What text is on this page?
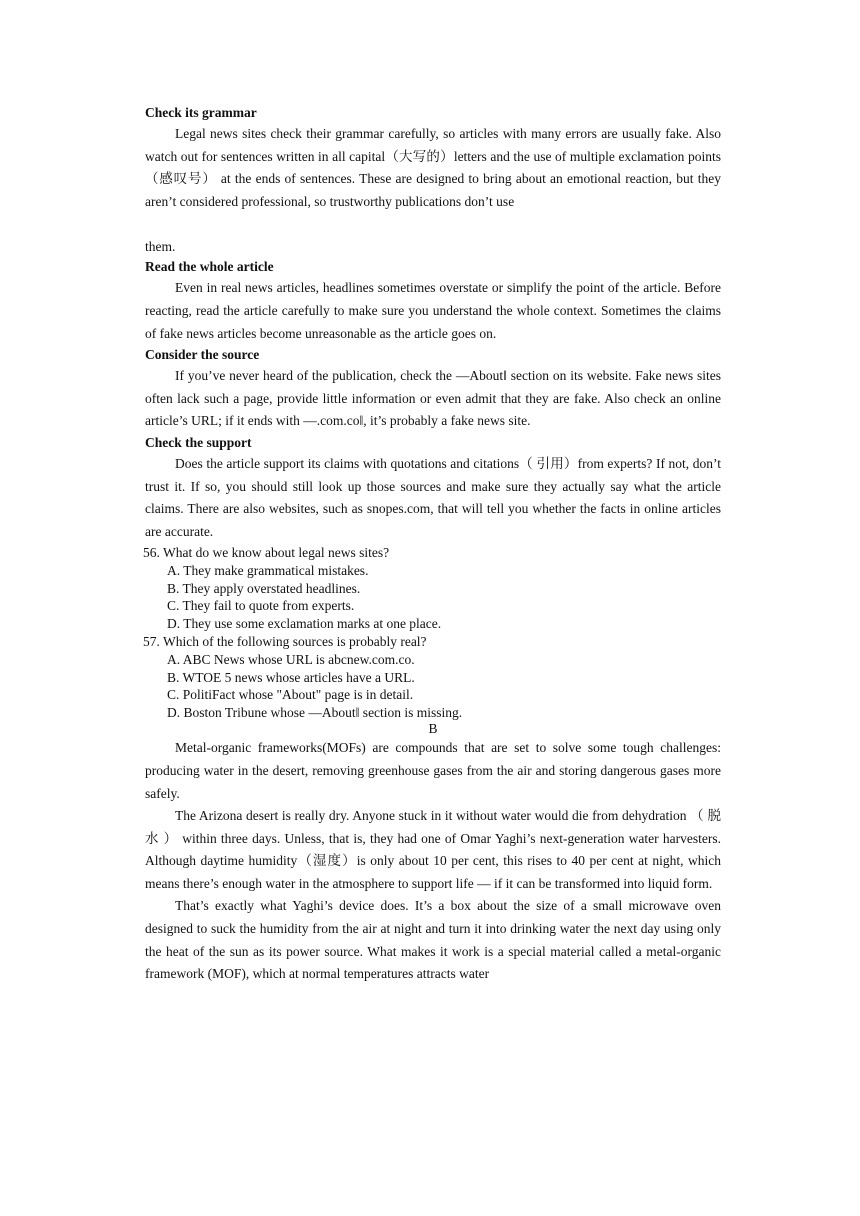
Check its grammar

Legal news sites check their grammar carefully, so articles with many errors are usually fake. Also watch out for sentences written in all capital（大写的）letters and the use of multiple exclamation points（感叹号） at the ends of sentences. These are designed to bring about an emotional reaction, but they aren’t considered professional, so trustworthy publications don’t use

them.

Read the whole article

Even in real news articles, headlines sometimes overstate or simplify the point of the article. Before reacting, read the article carefully to make sure you understand the whole context. Sometimes the claims of fake news articles become unreasonable as the article goes on.

Consider the source

If you’ve never heard of the publication, check the ―About‖ section on its website. Fake news sites often lack such a page, provide little information or even admit that they are fake. Also check an online article’s URL; if it ends with ―.com.co‖, it’s probably a fake news site.

Check the support

Does the article support its claims with quotations and citations（ 引用）from experts? If not, don’t trust it. If so, you should still look up those sources and make sure they actually say what the article claims. There are also websites, such as snopes.com, that will tell you whether the facts in online articles are accurate.

56. What do we know about legal news sites?

A. They make grammatical mistakes.
B. They apply overstated headlines.
C. They fail to quote from experts.
D. They use some exclamation marks at one place.

57. Which of the following sources is probably real?

A. ABC News whose URL is abcnew.com.co.
B. WTOE 5 news whose articles have a URL.
C. PolitiFact whose "About" page is in detail.
D. Boston Tribune whose ―About‖ section is missing.
B

Metal-organic frameworks(MOFs) are compounds that are set to solve some tough challenges: producing water in the desert, removing greenhouse gases from the air and storing dangerous gases more safely.

The Arizona desert is really dry. Anyone stuck in it without water would die from dehydration （ 脱 水 ） within three days. Unless, that is, they had one of Omar Yaghi’s next-generation water harvesters. Although daytime humidity（湿度）is only about 10 per cent, this rises to 40 per cent at night, which means there’s enough water in the atmosphere to support life — if it can be transformed into liquid form.

That’s exactly what Yaghi’s device does. It’s a box about the size of a small microwave oven designed to suck the humidity from the air at night and turn it into drinking water the next day using only the heat of the sun as its power source. What makes it work is a special material called a metal-organic framework (MOF), which at normal temperatures attracts water
